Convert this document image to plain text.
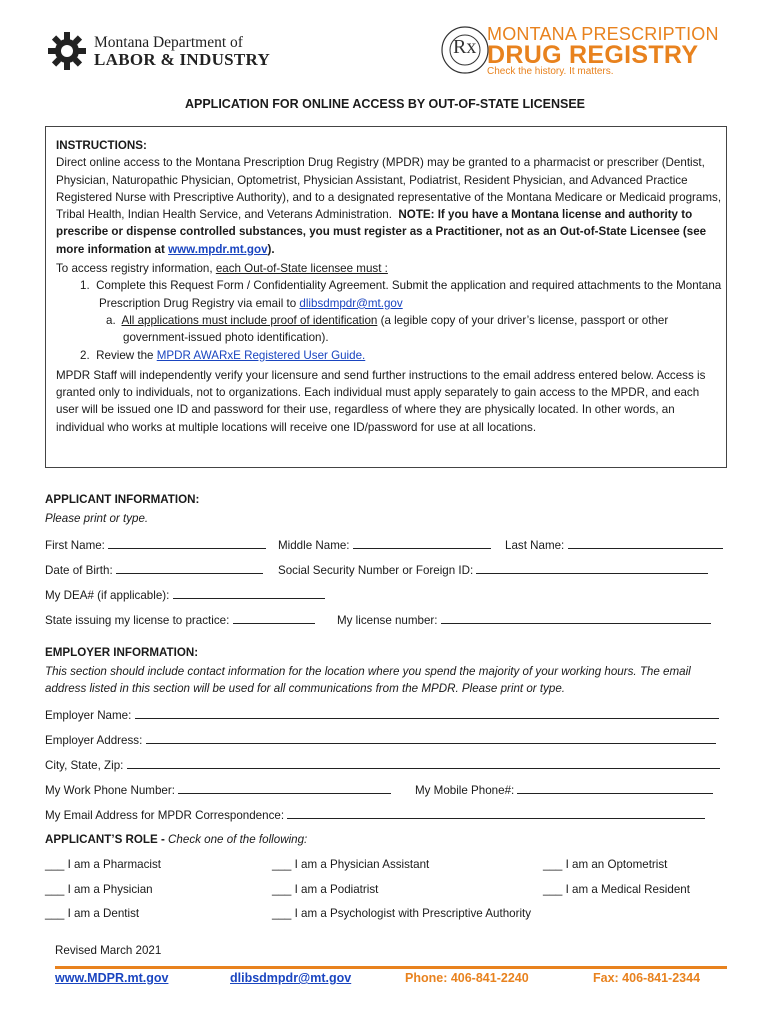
Montana Department of
LABOR & INDUSTRY
Rx
MONTANA PRESCRIPTION
DRUG REGISTRY
Check the history. It matters.
APPLICATION FOR ONLINE ACCESS BY OUT-OF-STATE LICENSEE

INSTRUCTIONS:

Direct online access to the Montana Prescription Drug Registry (MPDR) may be granted to a pharmacist or prescriber (Dentist, Physician, Naturopathic Physician, Optometrist, Physician Assistant, Podiatrist, Resident Physician, and Advanced Practice Registered Nurse with Prescriptive Authority), and to a designated representative of the Montana Medicare or Medicaid programs, Tribal Health, Indian Health Service, and Veterans Administration. NOTE: If you have a Montana license and authority to prescribe or dispense controlled substances, you must register as a Practitioner, not as an Out-of-State Licensee (see more information at www.mpdr.mt.gov).

To access registry information, each Out-of-State licensee must :

1. Complete this Request Form / Confidentiality Agreement. Submit the application and required attachments to the Montana Prescription Drug Registry via email to dlibsdmpdr@mt.gov

a. All applications must include proof of identification (a legible copy of your driver’s license, passport or other government-issued photo identification).

2. Review the MPDR AWARxE Registered User Guide.

MPDR Staff will independently verify your licensure and send further instructions to the email address entered below. Access is granted only to individuals, not to organizations. Each individual must apply separately to gain access to the MPDR, and each user will be issued one ID and password for their use, regardless of where they are physically located. In other words, an individual who works at multiple locations will receive one ID/password for use at all locations.

APPLICANT INFORMATION:
Please print or type.
First Name:	Middle Name:	Last Name:
Date of Birth:	Social Security Number or Foreign ID:
My DEA# (if applicable):
State issuing my license to practice:	My license number:
EMPLOYER INFORMATION:
This section should include contact information for the location where you spend the majority of your working hours. The email address listed in this section will be used for all communications from the MPDR. Please print or type.
Employer Name:
Employer Address:
City, State, Zip:
My Work Phone Number:	My Mobile Phone#:
My Email Address for MPDR Correspondence:
APPLICANT’S ROLE - Check one of the following:
___ I am a Pharmacist	___ I am a Physician Assistant	___ I am an Optometrist
___ I am a Physician	___ I am a Podiatrist	___ I am a Medical Resident
___ I am a Dentist	___ I am a Psychologist with Prescriptive Authority
Revised March 2021
www.MDPR.mt.gov	dlibsdmpdr@mt.gov	Phone: 406-841-2240	Fax: 406-841-2344
